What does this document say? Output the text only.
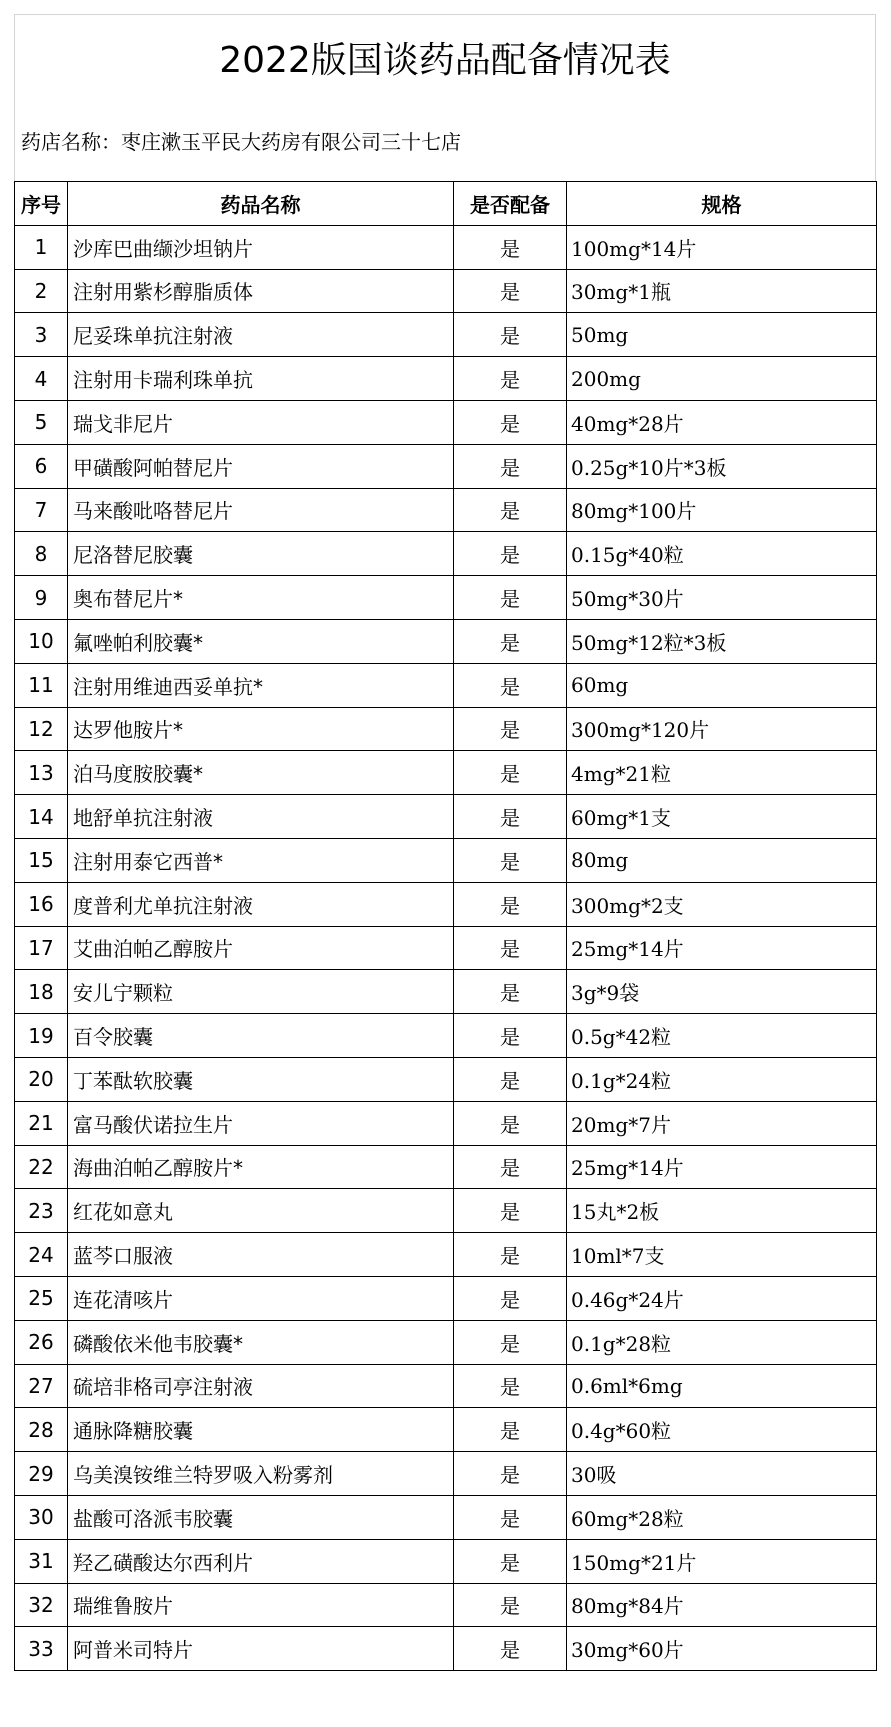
2022版国谈药品配备情况表
药店名称： 枣庄漱玉平民大药房有限公司三十七店
序号	药品名称	是否配备	规格
1	沙库巴曲缬沙坦钠片	是	100mg*14片
2	注射用紫杉醇脂质体	是	30mg*1瓶
3	尼妥珠单抗注射液	是	50mg
4	注射用卡瑞利珠单抗	是	200mg
5	瑞戈非尼片	是	40mg*28片
6	甲磺酸阿帕替尼片	是	0.25g*10片*3板
7	马来酸吡咯替尼片	是	80mg*100片
8	尼洛替尼胶囊	是	0.15g*40粒
9	奥布替尼片*	是	50mg*30片
10	氟唑帕利胶囊*	是	50mg*12粒*3板
11	注射用维迪西妥单抗*	是	60mg
12	达罗他胺片*	是	300mg*120片
13	泊马度胺胶囊*	是	4mg*21粒
14	地舒单抗注射液	是	60mg*1支
15	注射用泰它西普*	是	80mg
16	度普利尤单抗注射液	是	300mg*2支
17	艾曲泊帕乙醇胺片	是	25mg*14片
18	安儿宁颗粒	是	3g*9袋
19	百令胶囊	是	0.5g*42粒
20	丁苯酞软胶囊	是	0.1g*24粒
21	富马酸伏诺拉生片	是	20mg*7片
22	海曲泊帕乙醇胺片*	是	25mg*14片
23	红花如意丸	是	15丸*2板
24	蓝芩口服液	是	10ml*7支
25	连花清咳片	是	0.46g*24片
26	磷酸依米他韦胶囊*	是	0.1g*28粒
27	硫培非格司亭注射液	是	0.6ml*6mg
28	通脉降糖胶囊	是	0.4g*60粒
29	乌美溴铵维兰特罗吸入粉雾剂	是	30吸
30	盐酸可洛派韦胶囊	是	60mg*28粒
31	羟乙磺酸达尔西利片	是	150mg*21片
32	瑞维鲁胺片	是	80mg*84片
33	阿普米司特片	是	30mg*60片
